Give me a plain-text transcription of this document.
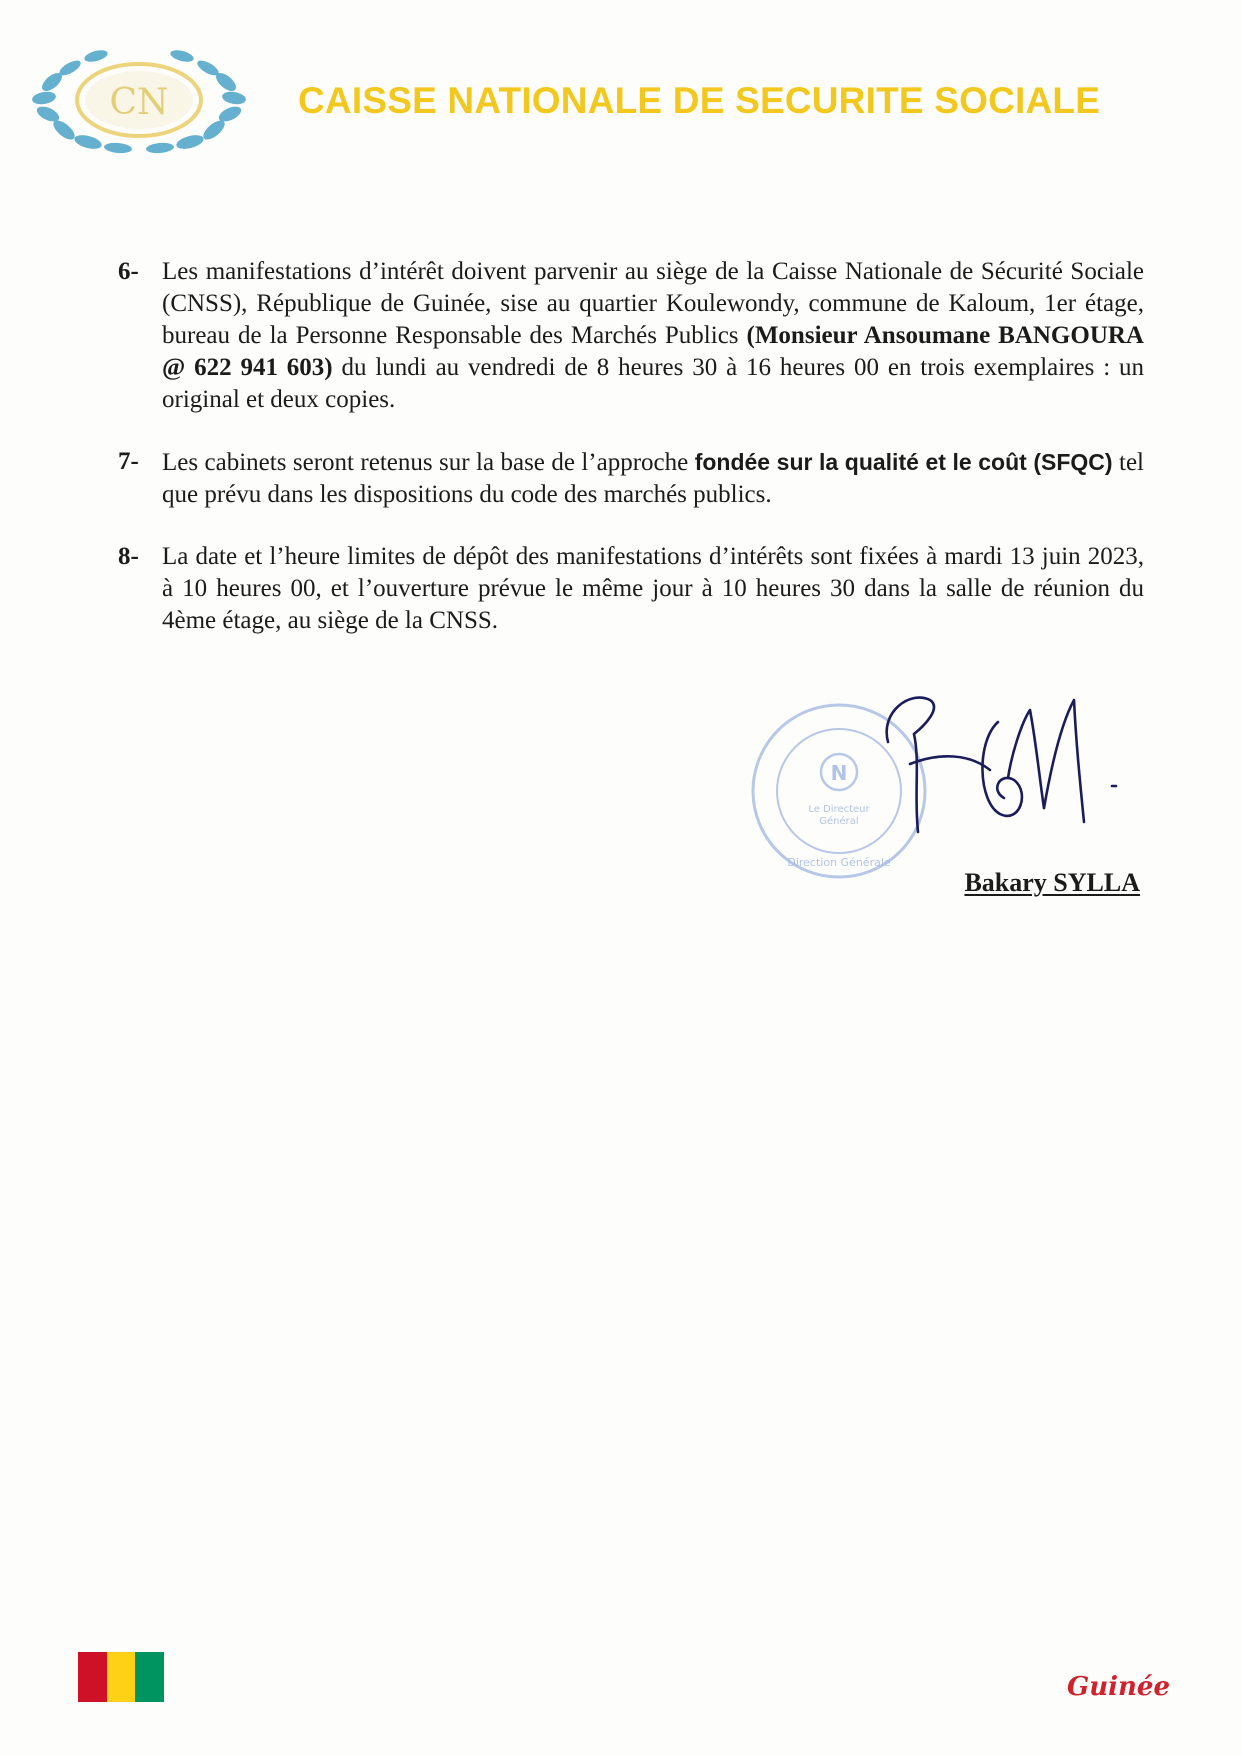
CN	CAISSE NATIONALE DE SECURITE SOCIALE
6- Les manifestations d’intérêt doivent parvenir au siège de la Caisse Nationale de Sécurité Sociale (CNSS), République de Guinée, sise au quartier Koulewondy, commune de Kaloum, 1er étage, bureau de la Personne Responsable des Marchés Publics (Monsieur Ansoumane BANGOURA @ 622 941 603) du lundi au vendredi de 8 heures 30 à 16 heures 00 en trois exemplaires : un original et deux copies.
7- Les cabinets seront retenus sur la base de l’approche fondée sur la qualité et le coût (SFQC) tel que prévu dans les dispositions du code des marchés publics.
8- La date et l’heure limites de dépôt des manifestations d’intérêts sont fixées à mardi 13 juin 2023, à 10 heures 00, et l’ouverture prévue le même jour à 10 heures 30 dans la salle de réunion du 4ème étage, au siège de la CNSS.
N
Le Directeur
Général
Direction Générale
Bakary SYLLA
Guinée
